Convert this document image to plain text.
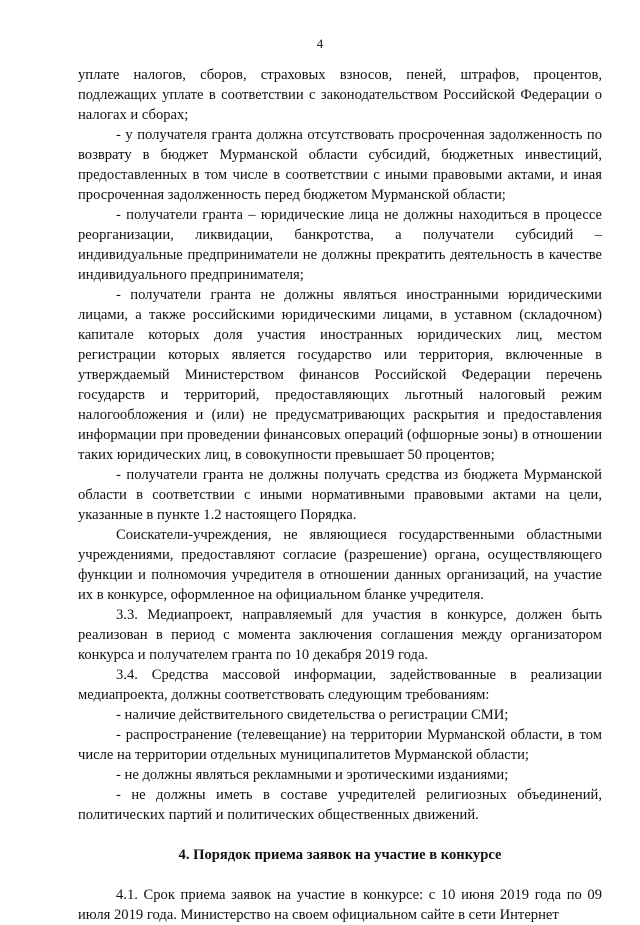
4

уплате налогов, сборов, страховых взносов, пеней, штрафов, процентов, подлежащих уплате в соответствии с законодательством Российской Федерации о налогах и сборах;

- у получателя гранта должна отсутствовать просроченная задолженность по возврату в бюджет Мурманской области субсидий, бюджетных инвестиций, предоставленных в том числе в соответствии с иными правовыми актами, и иная просроченная задолженность перед бюджетом Мурманской области;

- получатели гранта – юридические лица не должны находиться в процессе реорганизации, ликвидации, банкротства, а получатели субсидий – индивидуальные предприниматели не должны прекратить деятельность в качестве индивидуального предпринимателя;

- получатели гранта не должны являться иностранными юридическими лицами, а также российскими юридическими лицами, в уставном (складочном) капитале которых доля участия иностранных юридических лиц, местом регистрации которых является государство или территория, включенные в утверждаемый Министерством финансов Российской Федерации перечень государств и территорий, предоставляющих льготный налоговый режим налогообложения и (или) не предусматривающих раскрытия и предоставления информации при проведении финансовых операций (офшорные зоны) в отношении таких юридических лиц, в совокупности превышает 50 процентов;

- получатели гранта не должны получать средства из бюджета Мурманской области в соответствии с иными нормативными правовыми актами на цели, указанные в пункте 1.2 настоящего Порядка.

Соискатели-учреждения, не являющиеся государственными областными учреждениями, предоставляют согласие (разрешение) органа, осуществляющего функции и полномочия учредителя в отношении данных организаций, на участие их в конкурсе, оформленное на официальном бланке учредителя.

3.3. Медиапроект, направляемый для участия в конкурсе, должен быть реализован в период с момента заключения соглашения между организатором конкурса и получателем гранта по 10 декабря 2019 года.

3.4. Средства массовой информации, задействованные в реализации медиапроекта, должны соответствовать следующим требованиям:

- наличие действительного свидетельства о регистрации СМИ;

- распространение (телевещание) на территории Мурманской области, в том числе на территории отдельных муниципалитетов Мурманской области;

- не должны являться рекламными и эротическими изданиями;

- не должны иметь в составе учредителей религиозных объединений, политических партий и политических общественных движений.

4. Порядок приема заявок на участие в конкурсе

4.1. Срок приема заявок на участие в конкурсе: с 10 июня 2019 года по 09 июля 2019 года. Министерство на своем официальном сайте в сети Интернет
